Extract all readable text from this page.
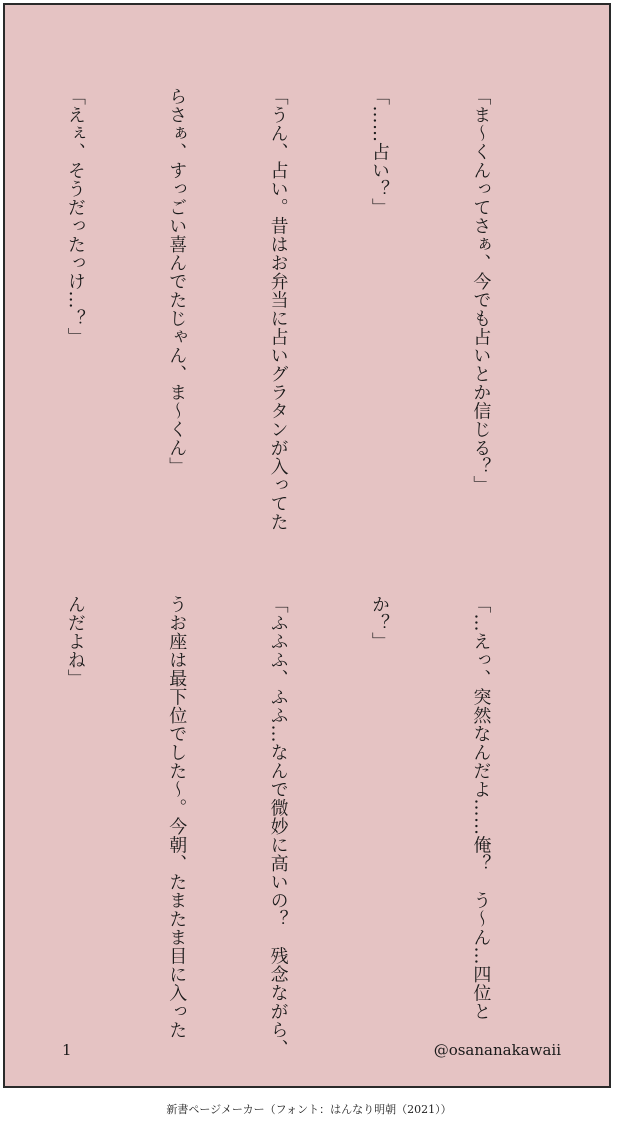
「ま〜くんってさぁ、今でも占いとか信じる？」

「……占い？」

「うん、占い。昔はお弁当に占いグラタンが入ってた

らさぁ、すっごい喜んでたじゃん、ま〜くん」

「えぇ、そうだったっけ…？」

「…えっ、突然なんだよ……俺？　う〜ん…四位と

か？」

「ふふふ、ふふ…なんで微妙に高いの？　残念ながら、

うお座は最下位でした〜。今朝、たまたま目に入った

んだよね」

1	@osananakawaii
新書ページメーカー（フォント：はんなり明朝（2021））
